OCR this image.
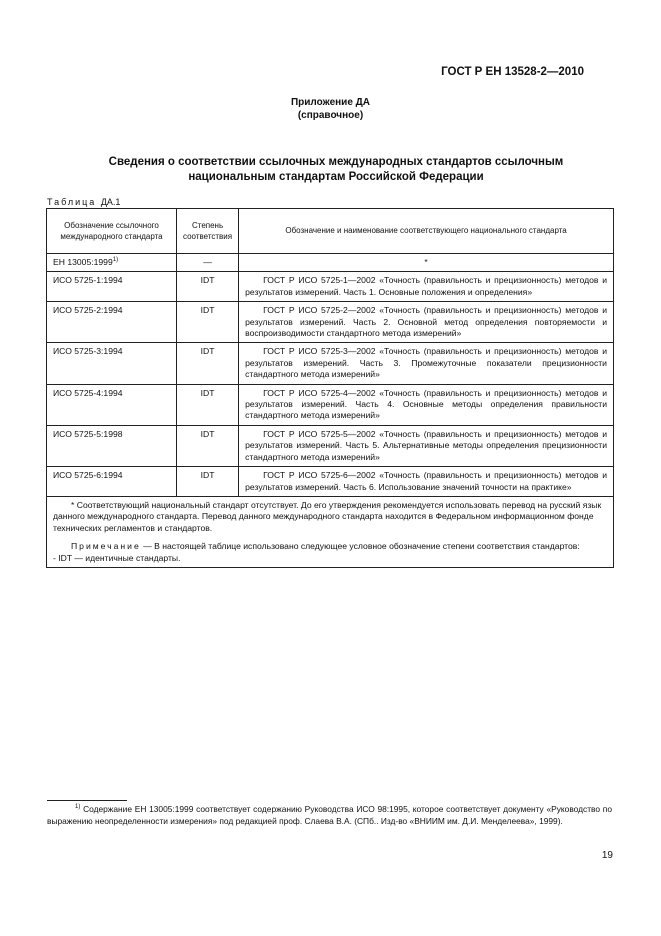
ГОСТ Р ЕН 13528-2—2010
Приложение ДА
(справочное)
Сведения о соответствии ссылочных международных стандартов ссылочным
национальным стандартам Российской Федерации
Таблица ДА.1
Обозначение ссылочного международного стандарта	Степень соответствия	Обозначение и наименование соответствующего национального стандарта
ЕН 13005:1999$^{1)}$	—	*
ИСО 5725-1:1994	IDT	ГОСТ Р ИСО 5725-1—2002 «Точность (правильность и прецизионность) методов и результатов измерений. Часть 1. Основные положения и определения»
ИСО 5725-2:1994	IDT	ГОСТ Р ИСО 5725-2—2002 «Точность (правильность и прецизионность) методов и результатов измерений. Часть 2. Основной метод определения повторяемости и воспроизводимости стандартного метода измерений»
ИСО 5725-3:1994	IDT	ГОСТ Р ИСО 5725-3—2002 «Точность (правильность и прецизионность) методов и результатов измерений. Часть 3. Промежуточные показатели прецизионности стандартного метода измерений»
ИСО 5725-4:1994	IDT	ГОСТ Р ИСО 5725-4—2002 «Точность (правильность и прецизионность) методов и результатов измерений. Часть 4. Основные методы определения правильности стандартного метода измерений»
ИСО 5725-5:1998	IDT	ГОСТ Р ИСО 5725-5—2002 «Точность (правильность и прецизионность) методов и результатов измерений. Часть 5. Альтернативные методы определения прецизионности стандартного метода измерений»
ИСО 5725-6:1994	IDT	ГОСТ Р ИСО 5725-6—2002 «Точность (правильность и прецизионность) методов и результатов измерений. Часть 6. Использование значений точности на практике»

* Соответствующий национальный стандарт отсутствует. До его утверждения рекомендуется использовать перевод на русский язык данного международного стандарта. Перевод данного международного стандарта находится в Федеральном информационном фонде технических регламентов и стандартов.

Примечание — В настоящей таблице использовано следующее условное обозначение степени соответствия стандартов:

- IDT — идентичные стандарты.		

$^{1)}$ Содержание ЕН 13005:1999 соответствует содержанию Руководства ИСО 98:1995, которое соответствует документу «Руководство по выражению неопределенности измерения» под редакцией проф. Слаева В.А. (СПб.. Изд-во «ВНИИМ им. Д.И. Менделеева», 1999).
19
